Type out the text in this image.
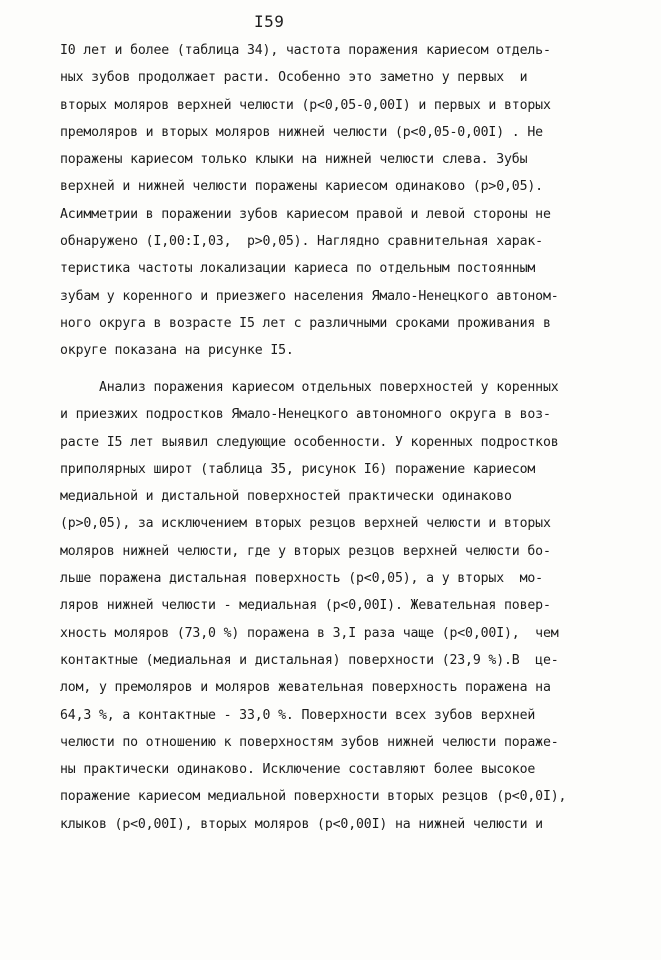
I59
I0 лет и более (таблица 34), частота поражения кариесом отдель-
ных зубов продолжает расти. Особенно это заметно у первых  и
вторых моляров верхней челюсти (p<0,05-0,00I) и первых и вторых
премоляров и вторых моляров нижней челюсти (p<0,05-0,00I) . Не
поражены кариесом только клыки на нижней челюсти слева. Зубы
верхней и нижней челюсти поражены кариесом одинаково (p>0,05).
Асимметрии в поражении зубов кариесом правой и левой стороны не
обнаружено (I,00:I,03,  p>0,05). Наглядно сравнительная харак-
теристика частоты локализации кариеса по отдельным постоянным
зубам у коренного и приезжего населения Ямало-Ненецкого автоном-
ного округа в возрасте I5 лет с различными сроками проживания в
округе показана на рисунке I5.
Анализ поражения кариесом отдельных поверхностей у коренных
и приезжих подростков Ямало-Ненецкого автономного округа в воз-
расте I5 лет выявил следующие особенности. У коренных подростков
приполярных широт (таблица 35, рисунок I6) поражение кариесом
медиальной и дистальной поверхностей практически одинаково
(p>0,05), за исключением вторых резцов верхней челюсти и вторых
моляров нижней челюсти, где у вторых резцов верхней челюсти бо-
льше поражена дистальная поверхность (p<0,05), а у вторых  мо-
ляров нижней челюсти - медиальная (p<0,00I). Жевательная повер-
хность моляров (73,0 %) поражена в 3,I раза чаще (p<0,00I),  чем
контактные (медиальная и дистальная) поверхности (23,9 %).В  це-
лом, у премоляров и моляров жевательная поверхность поражена на
64,3 %, а контактные - 33,0 %. Поверхности всех зубов верхней
челюсти по отношению к поверхностям зубов нижней челюсти пораже-
ны практически одинаково. Исключение составляют более высокое
поражение кариесом медиальной поверхности вторых резцов (p<0,0I),
клыков (p<0,00I), вторых моляров (p<0,00I) на нижней челюсти и
